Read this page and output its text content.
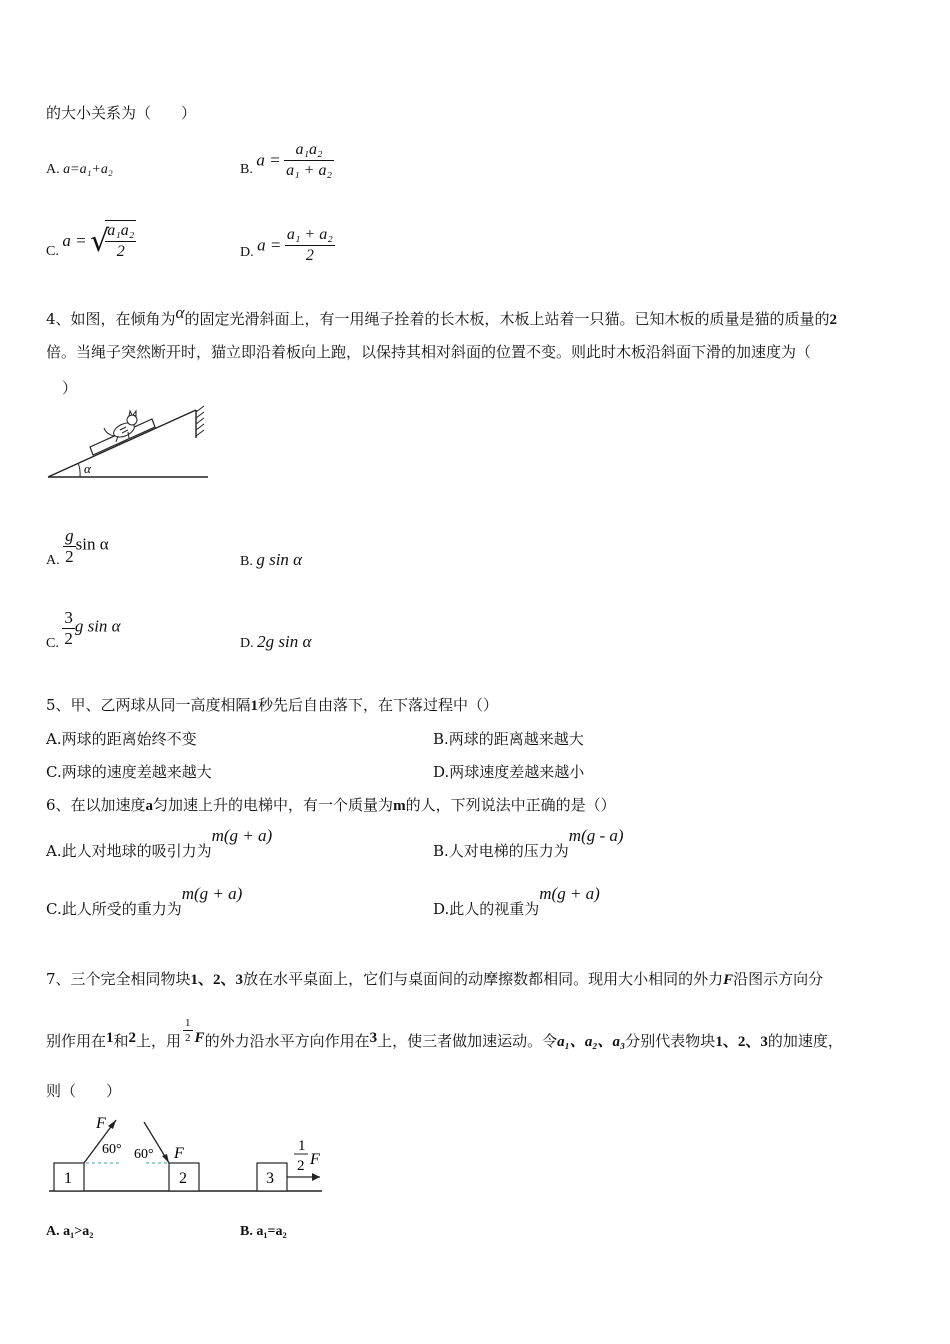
的大小关系为（　　）
A. a=a₁+a₂	B. $a = \frac{\text{a₁a₂}}{\text{a₁ + a₂}}$
C. a = √
$\frac{\text{a₁a₂}}{2}$	D. $a = \frac{\text{a₁ + a₂}}{2}$
4、如图，在倾角为α的固定光滑斜面上，有一用绳子拴着的长木板，木板上站着一只猫。已知木板的质量是猫的质量的2
倍。当绳子突然断开时，猫立即沿着板向上跑，以保持其相对斜面的位置不变。则此时木板沿斜面下滑的加速度为（
）
α
A. $\frac{g}{2}$ sin α
B. g sin α
C. $\frac{3}{2}$ g sin α
D. 2g sin α
5、甲、乙两球从同一高度相隔1秒先后自由落下，在下落过程中（）
A.两球的距离始终不变	B.两球的距离越来越大
C.两球的速度差越来越大	D.两球速度差越来越小
6、在以加速度a匀加速上升的电梯中，有一个质量为m的人，下列说法中正确的是（）
A.此人对地球的吸引力为m(g + a)
B.人对电梯的压力为m(g - a)
C.此人所受的重力为m(g + a)
D.此人的视重为m(g + a)
7、三个完全相同物块1、2、3放在水平桌面上，它们与桌面间的动摩擦数都相同。现用大小相同的外力F沿图示方向分
别作用在1和2上，用 $\frac{1}{2}$ F的外力沿水平方向作用在3上，使三者做加速运动。令a₁、a₂、a₃分别代表物块1、2、3的加速度，
则（　　）
1	2	3
F
60° 60° F	1
2 F
A. a₁>a₂	B. a₁=a₂
